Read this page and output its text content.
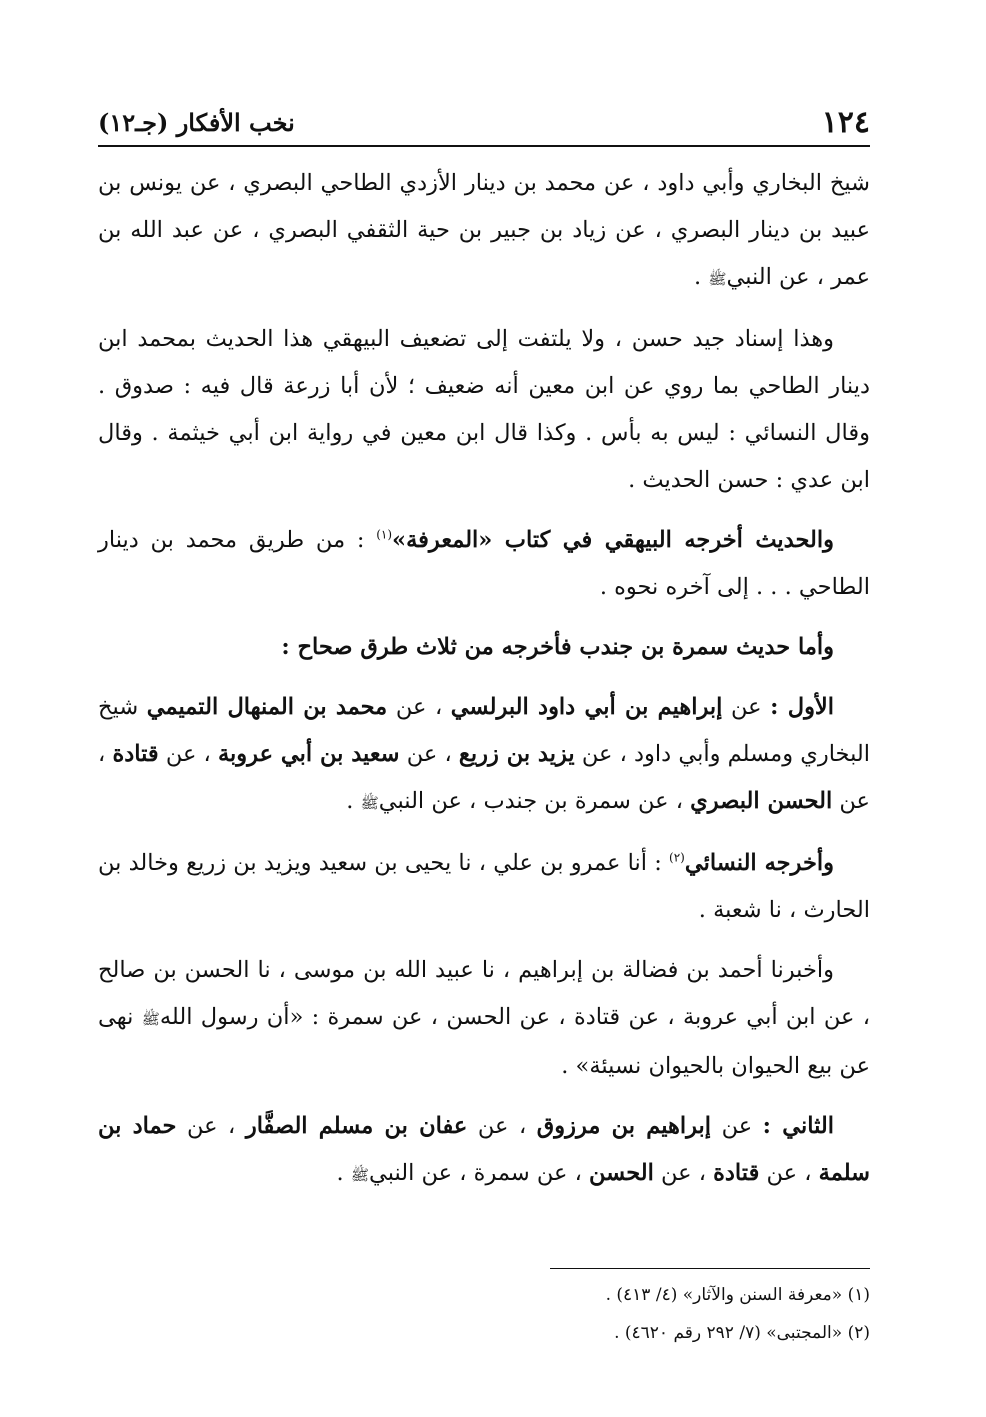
١٢٤
نخب الأفكار (جـ١٢)

شيخ البخاري وأبي داود ، عن محمد بن دينار الأزدي الطاحي البصري ، عن يونس بن عبيد بن دينار البصري ، عن زياد بن جبير بن حية الثقفي البصري ، عن عبد الله بن عمر ، عن النبيﷺ .

وهذا إسناد جيد حسن ، ولا يلتفت إلى تضعيف البيهقي هذا الحديث بمحمد ابن دينار الطاحي بما روي عن ابن معين أنه ضعيف ؛ لأن أبا زرعة قال فيه : صدوق . وقال النسائي : ليس به بأس . وكذا قال ابن معين في رواية ابن أبي خيثمة . وقال ابن عدي : حسن الحديث .

والحديث أخرجه البيهقي في كتاب «المعرفة»$^{(١)}$ : من طريق محمد بن دينار الطاحي . . . إلى آخره نحوه .

وأما حديث سمرة بن جندب فأخرجه من ثلاث طرق صحاح :

الأول : عن إبراهيم بن أبي داود البرلسي ، عن محمد بن المنهال التميمي شيخ البخاري ومسلم وأبي داود ، عن يزيد بن زريع ، عن سعيد بن أبي عروبة ، عن قتادة ، عن الحسن البصري ، عن سمرة بن جندب ، عن النبيﷺ .

وأخرجه النسائي$^{(٢)}$ : أنا عمرو بن علي ، نا يحيى بن سعيد ويزيد بن زريع وخالد بن الحارث ، نا شعبة .

وأخبرنا أحمد بن فضالة بن إبراهيم ، نا عبيد الله بن موسى ، نا الحسن بن صالح ، عن ابن أبي عروبة ، عن قتادة ، عن الحسن ، عن سمرة : «أن رسول اللهﷺ نهى عن بيع الحيوان بالحيوان نسيئة» .

الثاني : عن إبراهيم بن مرزوق ، عن عفان بن مسلم الصفَّار ، عن حماد بن سلمة ، عن قتادة ، عن الحسن ، عن سمرة ، عن النبيﷺ .

(١) «معرفة السنن والآثار» (٤/ ٤١٣) .

(٢) «المجتبى» (٧/ ٢٩٢ رقم ٤٦٢٠) .
